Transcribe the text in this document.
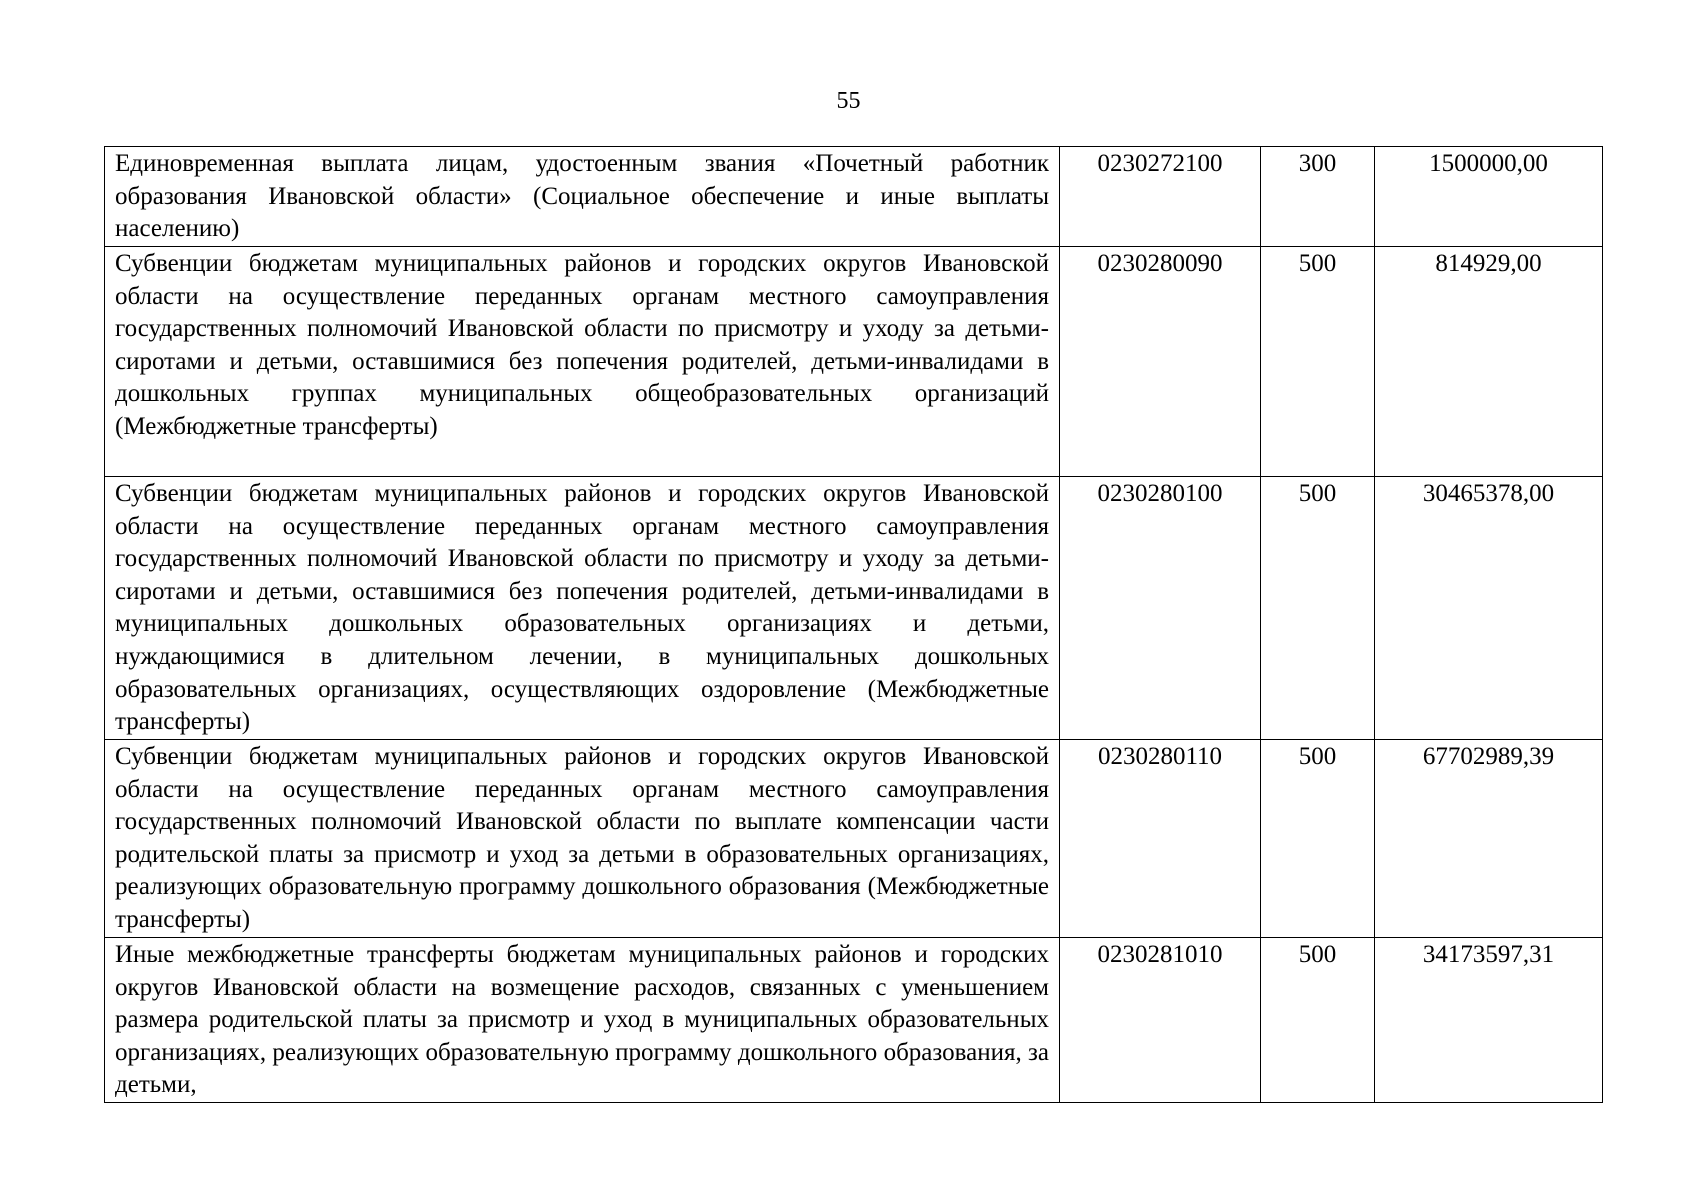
55
Единовременная выплата лицам, удостоенным звания «Почетный работник образования Ивановской области» (Социальное обеспечение и иные выплаты населению)	0230272100	300	1500000,00
Субвенции бюджетам муниципальных районов и городских округов Ивановской области на осуществление переданных органам местного самоуправления государственных полномочий Ивановской области по присмотру и уходу за детьми-сиротами и детьми, оставшимися без попечения родителей, детьми-инвалидами в дошкольных группах муниципальных общеобразовательных организаций (Межбюджетные трансферты)	0230280090	500	814929,00
Субвенции бюджетам муниципальных районов и городских округов Ивановской области на осуществление переданных органам местного самоуправления государственных полномочий Ивановской области по присмотру и уходу за детьми-сиротами и детьми, оставшимися без попечения родителей, детьми-инвалидами в муниципальных дошкольных образовательных организациях и детьми, нуждающимися в длительном лечении, в муниципальных дошкольных образовательных организациях, осуществляющих оздоровление (Межбюджетные трансферты)	0230280100	500	30465378,00
Субвенции бюджетам муниципальных районов и городских округов Ивановской области на осуществление переданных органам местного самоуправления государственных полномочий Ивановской области по выплате компенсации части родительской платы за присмотр и уход за детьми в образовательных организациях, реализующих образовательную программу дошкольного образования (Межбюджетные трансферты)	0230280110	500	67702989,39
Иные межбюджетные трансферты бюджетам муниципальных районов и городских округов Ивановской области на возмещение расходов, связанных с уменьшением размера родительской платы за присмотр и уход в муниципальных образовательных организациях, реализующих образовательную программу дошкольного образования, за детьми,	0230281010	500	34173597,31
